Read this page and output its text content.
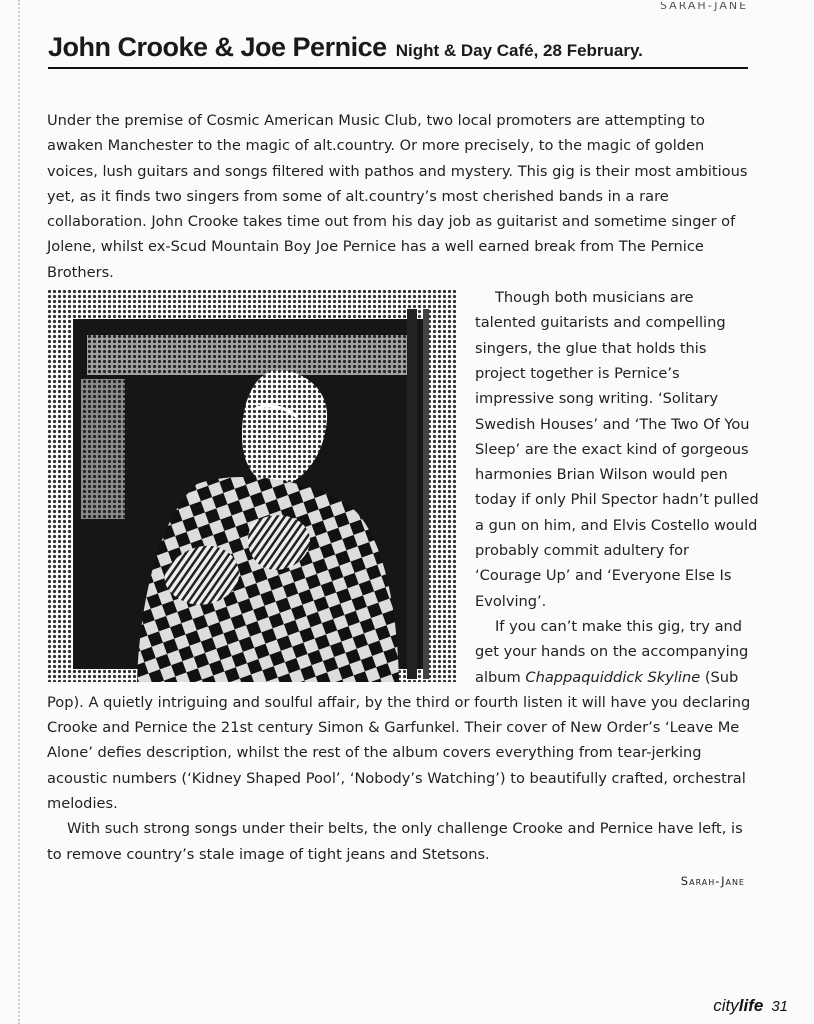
SARAH-JANE
John Crooke & Joe Pernice Night & Day Café, 28 February.

Under the premise of Cosmic American Music Club, two local promoters are attempting to awaken Manchester to the magic of alt.country. Or more precisely, to the magic of golden voices, lush guitars and songs filtered with pathos and mystery. This gig is their most ambitious yet, as it finds two singers from some of alt.country’s most cherished bands in a rare collaboration. John Crooke takes time out from his day job as guitarist and sometime singer of Jolene, whilst ex-Scud Mountain Boy Joe Pernice has a well earned break from The Pernice Brothers.

Though both musicians are talented guitarists and compelling singers, the glue that holds this project together is Pernice’s impressive song writing. ‘Solitary Swedish Houses’ and ‘The Two Of You Sleep’ are the exact kind of gorgeous harmonies Brian Wilson would pen today if only Phil Spector hadn’t pulled a gun on him, and Elvis Costello would probably commit adultery for ‘Courage Up’ and ‘Everyone Else Is Evolving’.

If you can’t make this gig, try and get your hands on the accompanying album Chappaquiddick Skyline (Sub Pop). A quietly intriguing and soulful affair, by the third or fourth listen it will have you declaring Crooke and Pernice the 21st century Simon & Garfunkel. Their cover of New Order’s ‘Leave Me Alone’ defies description, whilst the rest of the album covers everything from tear-jerking acoustic numbers (‘Kidney Shaped Pool’, ‘Nobody’s Watching’) to beautifully crafted, orchestral melodies.

With such strong songs under their belts, the only challenge Crooke and Pernice have left, is to remove country’s stale image of tight jeans and Stetsons.

Sarah-Jane
citylife 31
